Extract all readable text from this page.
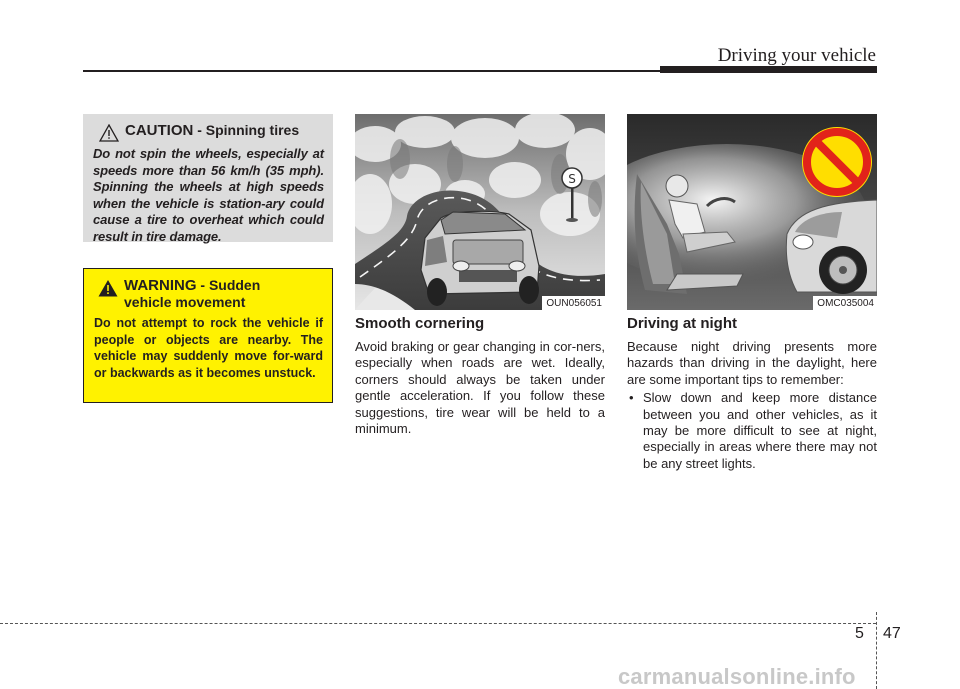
Driving your vehicle
CAUTION - Spinning tires
Do not spin the wheels, especially at speeds more than 56 km/h (35 mph). Spinning the wheels at high speeds when the vehicle is station-ary could cause a tire to overheat which could result in tire damage.
WARNING - Sudden
vehicle movement
Do not attempt to rock the vehicle if people or objects are nearby. The vehicle may suddenly move for-ward or backwards as it becomes unstuck.
S
OUN056051	OMC035004
Smooth cornering

Avoid braking or gear changing in cor-ners, especially when roads are wet. Ideally, corners should always be taken under gentle acceleration. If you follow these suggestions, tire wear will be held to a minimum.

Driving at night

Because night driving presents more hazards than driving in the daylight, here are some important tips to remember:

• Slow down and keep more distance between you and other vehicles, as it may be more difficult to see at night, especially in areas where there may not be any street lights.
5 47
carmanualsonline.info
